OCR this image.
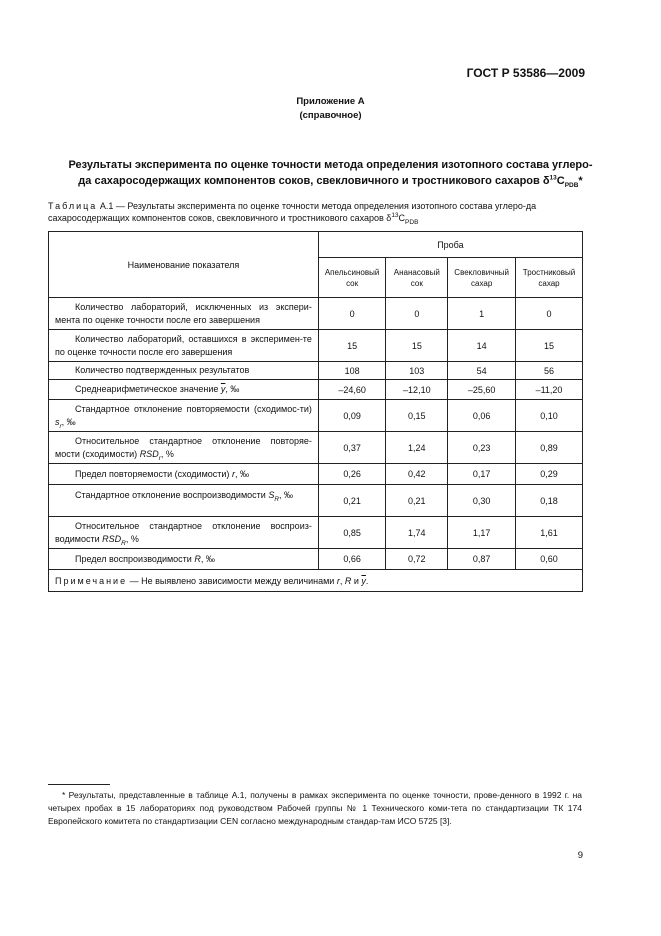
ГОСТ Р 53586—2009
Приложение А
(справочное)
Результаты эксперимента по оценке точности метода определения изотопного состава углеро-
да сахаросодержащих компонентов соков, свекловичного и тростникового сахаров $\delta^{13}C_{PDB}*$
Таблица А.1 — Результаты эксперимента по оценке точности метода определения изотопного состава углеро-да сахаросодержащих компонентов соков, свекловичного и тростникового сахаров $\delta^{13}C_{PDB}$
Наименование показателя	Проба			
	Апельсиновый сок	Ананасовый сок	Свекловичный сахар	Тростниковый сахар
Количество лабораторий, исключенных из экспери-мента по оценке точности после его завершения	0	0	1	0
Количество лабораторий, оставшихся в эксперимен-те по оценке точности после его завершения	15	15	14	15
Количество подтвержденных результатов	108	103	54	56
Среднеарифметическое значение $\overline{y}$, ‰	–24,60	–12,10	–25,60	–11,20
Стандартное отклонение повторяемости (сходимос-ти) $s_r$, ‰	0,09	0,15	0,06	0,10
Относительное стандартное отклонение повторяе-мости (сходимости) $RSD_r$, %	0,37	1,24	0,23	0,89
Предел повторяемости (сходимости) r, ‰	0,26	0,42	0,17	0,29
Стандартное отклонение воспроизводимости $S_R$, ‰	0,21	0,21	0,30	0,18
Относительное стандартное отклонение воспроиз-водимости $RSD_R$, %	0,85	1,74	1,17	1,61
Предел воспроизводимости R, ‰	0,66	0,72	0,87	0,60
Примечание — Не выявлено зависимости между величинами r, R и $\overline{y}$.				
* Результаты, представленные в таблице А.1, получены в рамках эксперимента по оценке точности, прове-денного в 1992 г. на четырех пробах в 15 лабораториях под руководством Рабочей группы № 1 Технического коми-тета по стандартизации ТК 174 Европейского комитета по стандартизации CEN согласно международным стандар-там ИСО 5725 [3].
9
